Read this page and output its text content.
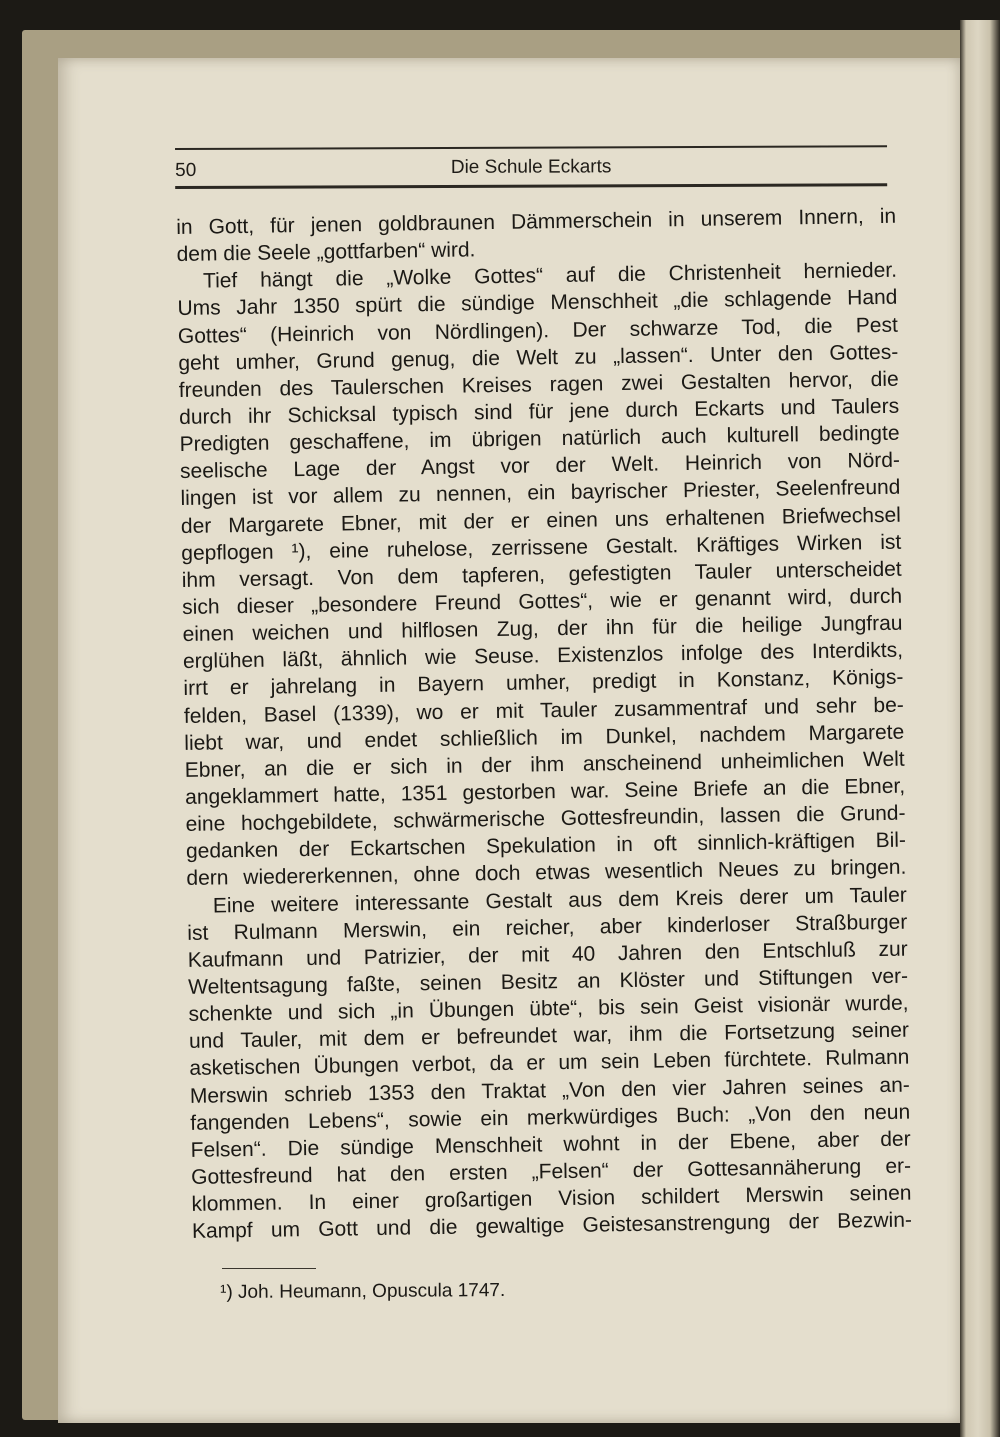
50	Die Schule Eckarts
in Gott, für jenen goldbraunen Dämmerschein in unserem Innern, in
dem die Seele „gottfarben“ wird.
Tief hängt die „Wolke Gottes“ auf die Christenheit hernieder.
Ums Jahr 1350 spürt die sündige Menschheit „die schlagende Hand
Gottes“ (Heinrich von Nördlingen). Der schwarze Tod, die Pest
geht umher, Grund genug, die Welt zu „lassen“. Unter den Gottes-
freunden des Taulerschen Kreises ragen zwei Gestalten hervor, die
durch ihr Schicksal typisch sind für jene durch Eckarts und Taulers
Predigten geschaffene, im übrigen natürlich auch kulturell bedingte
seelische Lage der Angst vor der Welt. Heinrich von Nörd-
lingen ist vor allem zu nennen, ein bayrischer Priester, Seelenfreund
der Margarete Ebner, mit der er einen uns erhaltenen Briefwechsel
gepflogen ¹), eine ruhelose, zerrissene Gestalt. Kräftiges Wirken ist
ihm versagt. Von dem tapferen, gefestigten Tauler unterscheidet
sich dieser „besondere Freund Gottes“, wie er genannt wird, durch
einen weichen und hilflosen Zug, der ihn für die heilige Jungfrau
erglühen läßt, ähnlich wie Seuse. Existenzlos infolge des Interdikts,
irrt er jahrelang in Bayern umher, predigt in Konstanz, Königs-
felden, Basel (1339), wo er mit Tauler zusammentraf und sehr be-
liebt war, und endet schließlich im Dunkel, nachdem Margarete
Ebner, an die er sich in der ihm anscheinend unheimlichen Welt
angeklammert hatte, 1351 gestorben war. Seine Briefe an die Ebner,
eine hochgebildete, schwärmerische Gottesfreundin, lassen die Grund-
gedanken der Eckartschen Spekulation in oft sinnlich-kräftigen Bil-
dern wiedererkennen, ohne doch etwas wesentlich Neues zu bringen.
Eine weitere interessante Gestalt aus dem Kreis derer um Tauler
ist Rulmann Merswin, ein reicher, aber kinderloser Straßburger
Kaufmann und Patrizier, der mit 40 Jahren den Entschluß zur
Weltentsagung faßte, seinen Besitz an Klöster und Stiftungen ver-
schenkte und sich „in Übungen übte“, bis sein Geist visionär wurde,
und Tauler, mit dem er befreundet war, ihm die Fortsetzung seiner
asketischen Übungen verbot, da er um sein Leben fürchtete. Rulmann
Merswin schrieb 1353 den Traktat „Von den vier Jahren seines an-
fangenden Lebens“, sowie ein merkwürdiges Buch: „Von den neun
Felsen“. Die sündige Menschheit wohnt in der Ebene, aber der
Gottesfreund hat den ersten „Felsen“ der Gottesannäherung er-
klommen. In einer großartigen Vision schildert Merswin seinen
Kampf um Gott und die gewaltige Geistesanstrengung der Bezwin-
¹) Joh. Heumann, Opuscula 1747.
